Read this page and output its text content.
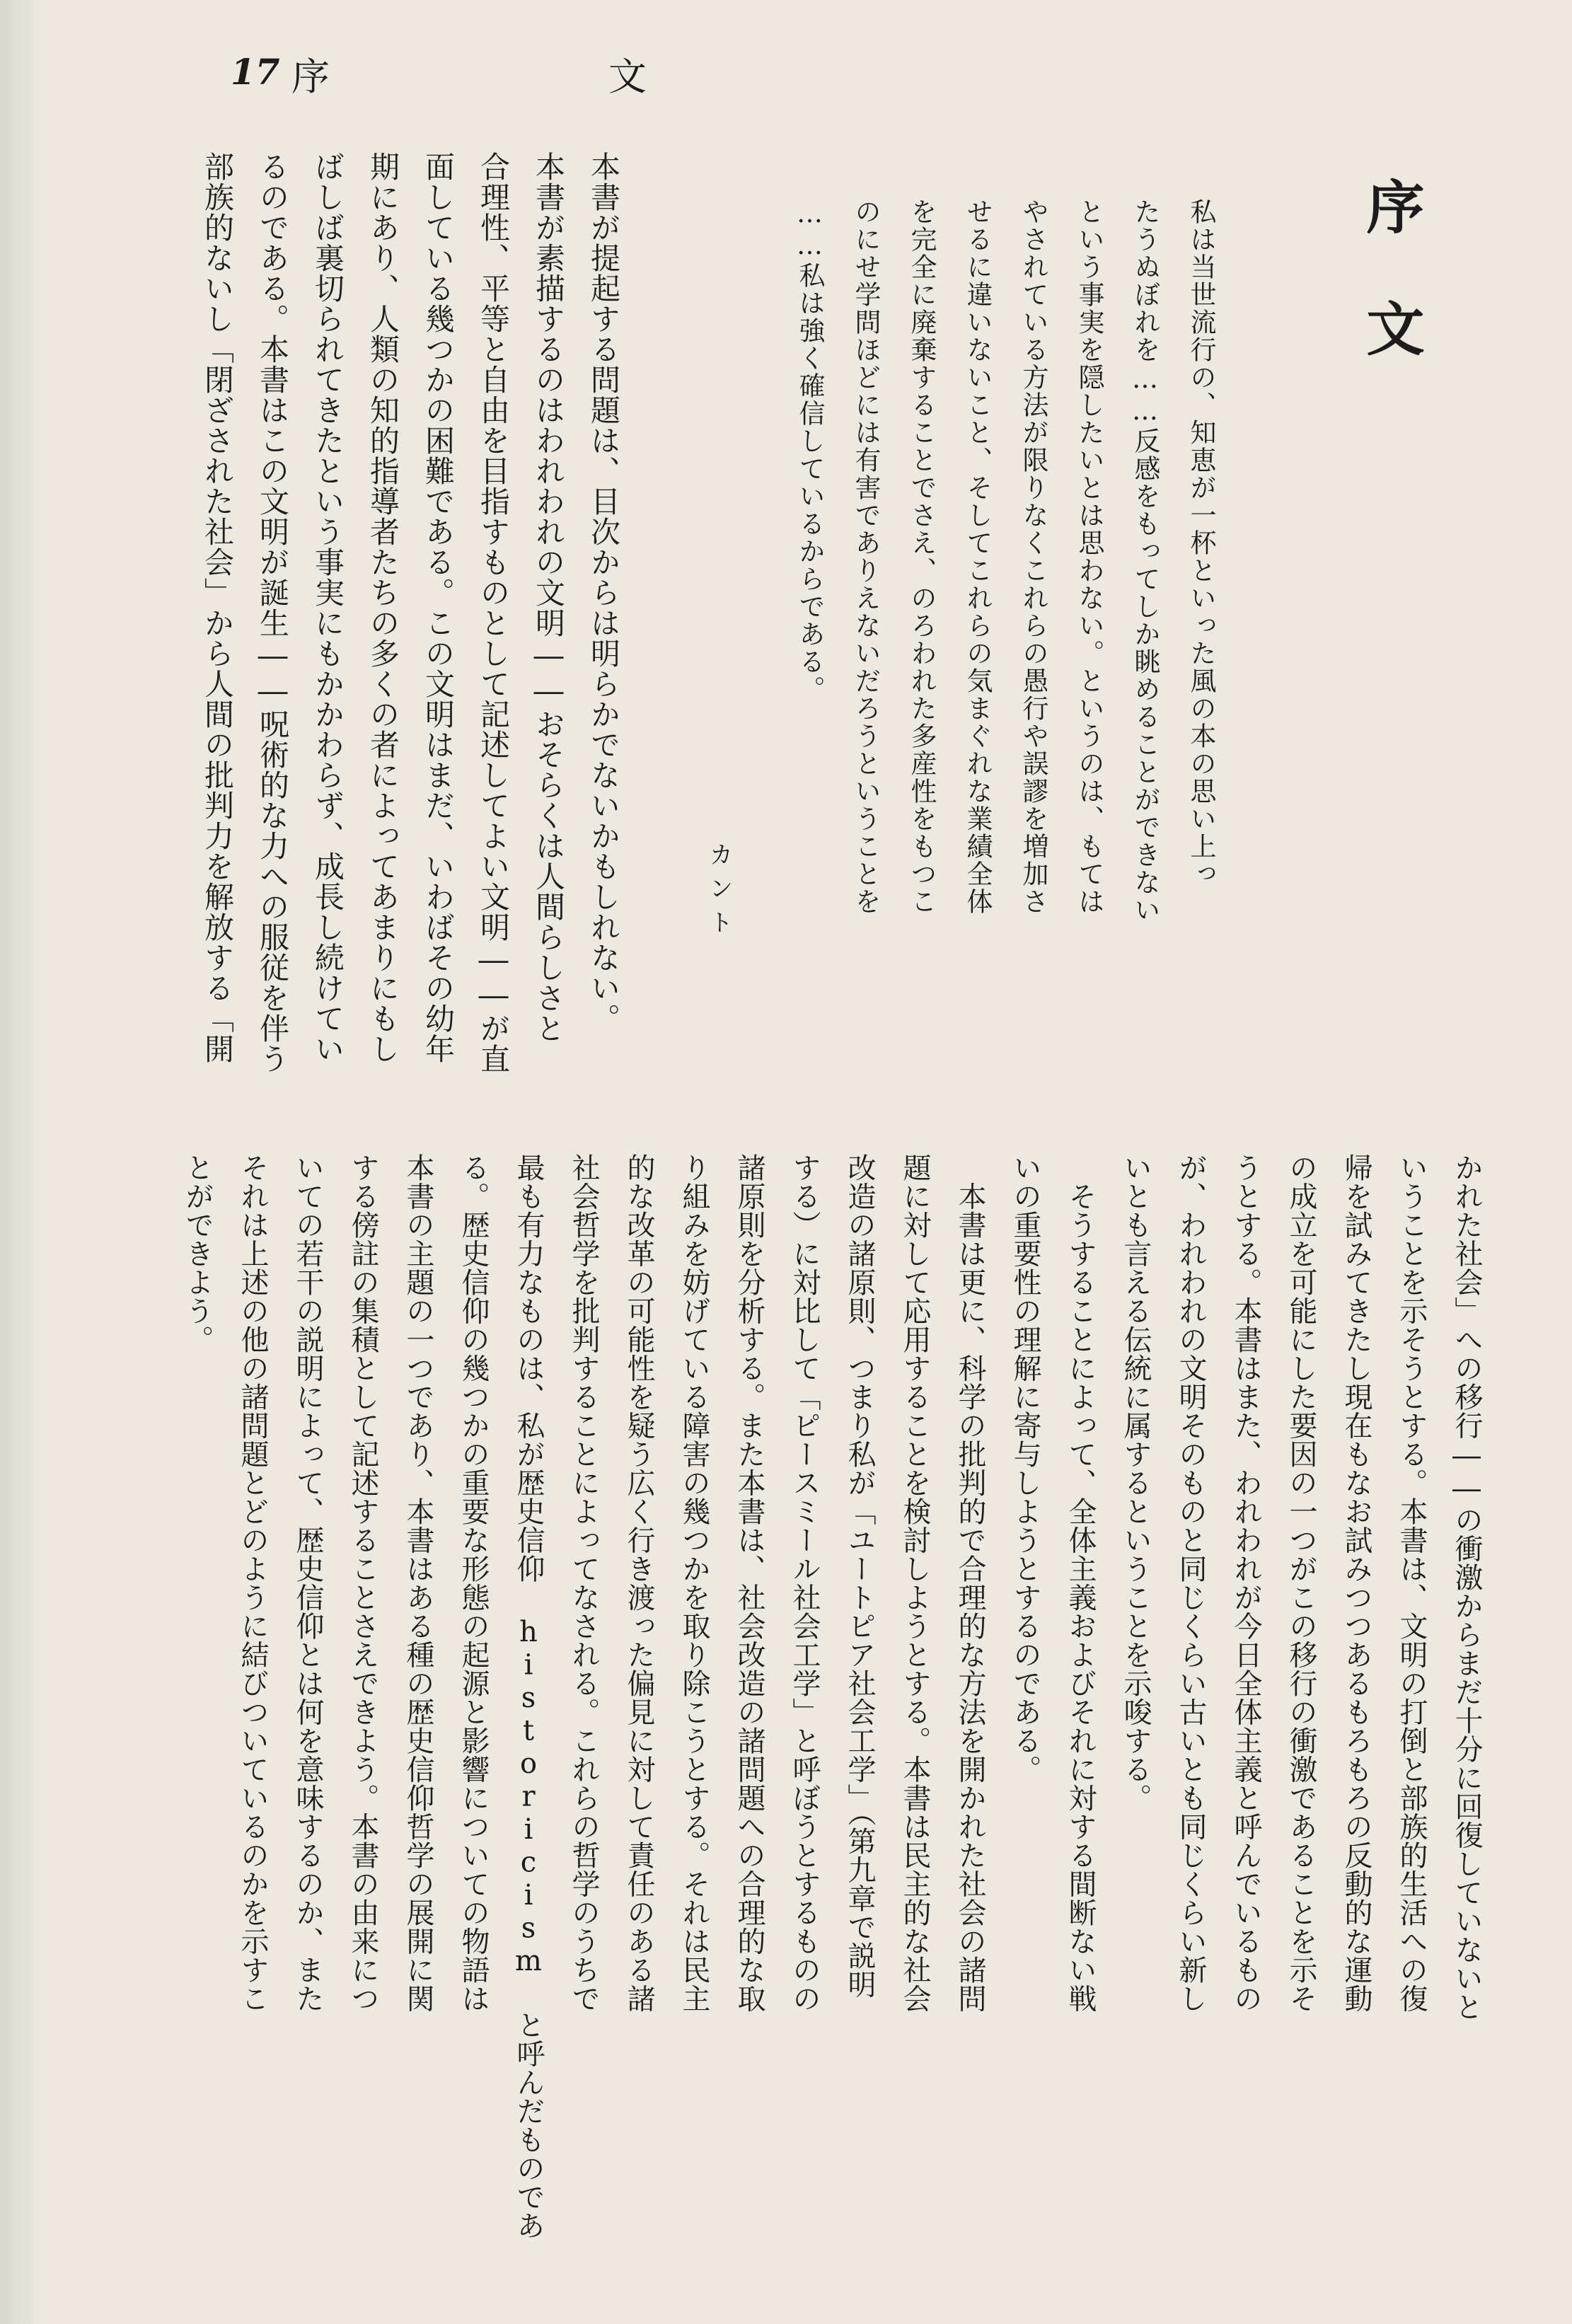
17 序　文
序文

私は当世流行の、知恵が一杯といった風の本の思い上っ

たうぬぼれを……反感をもってしか眺めることができない

という事実を隠したいとは思わない。というのは、もては

やされている方法が限りなくこれらの愚行や誤謬を増加さ

せるに違いないこと、そしてこれらの気まぐれな業績全体

を完全に廃棄することでさえ、のろわれた多産性をもつこ

のにせ学問ほどには有害でありえないだろうということを

……私は強く確信しているからである。

カント

本書が提起する問題は、目次からは明らかでないかもしれない。

本書が素描するのはわれわれの文明――おそらくは人間らしさと

合理性、平等と自由を目指すものとして記述してよい文明――が直

面している幾つかの困難である。この文明はまだ、いわばその幼年

期にあり、人類の知的指導者たちの多くの者によってあまりにもし

ばしば裏切られてきたという事実にもかかわらず、成長し続けてい

るのである。本書はこの文明が誕生――呪術的な力への服従を伴う

部族的ないし「閉ざされた社会」から人間の批判力を解放する「開

かれた社会」への移行――の衝激からまだ十分に回復していないと

いうことを示そうとする。本書は、文明の打倒と部族的生活への復

帰を試みてきたし現在もなお試みつつあるもろもろの反動的な運動

の成立を可能にした要因の一つがこの移行の衝激であることを示そ

うとする。本書はまた、われわれが今日全体主義と呼んでいるもの

が、われわれの文明そのものと同じくらい古いとも同じくらい新し

いとも言える伝統に属するということを示唆する。

　そうすることによって、全体主義およびそれに対する間断ない戦

いの重要性の理解に寄与しようとするのである。

　本書は更に、科学の批判的で合理的な方法を開かれた社会の諸問

題に対して応用することを検討しようとする。本書は民主的な社会

改造の諸原則、つまり私が「ユートピア社会工学」（第九章で説明

する）に対比して「ピースミール社会工学」と呼ぼうとするものの

諸原則を分析する。また本書は、社会改造の諸問題への合理的な取

り組みを妨げている障害の幾つかを取り除こうとする。それは民主

的な改革の可能性を疑う広く行き渡った偏見に対して責任のある諸

社会哲学を批判することによってなされる。これらの哲学のうちで

最も有力なものは、私が歴史信仰 historicism と呼んだものであ

る。歴史信仰の幾つかの重要な形態の起源と影響についての物語は

本書の主題の一つであり、本書はある種の歴史信仰哲学の展開に関

する傍註の集積として記述することさえできよう。本書の由来につ

いての若干の説明によって、歴史信仰とは何を意味するのか、また

それは上述の他の諸問題とどのように結びついているのかを示すこ

とができよう。
